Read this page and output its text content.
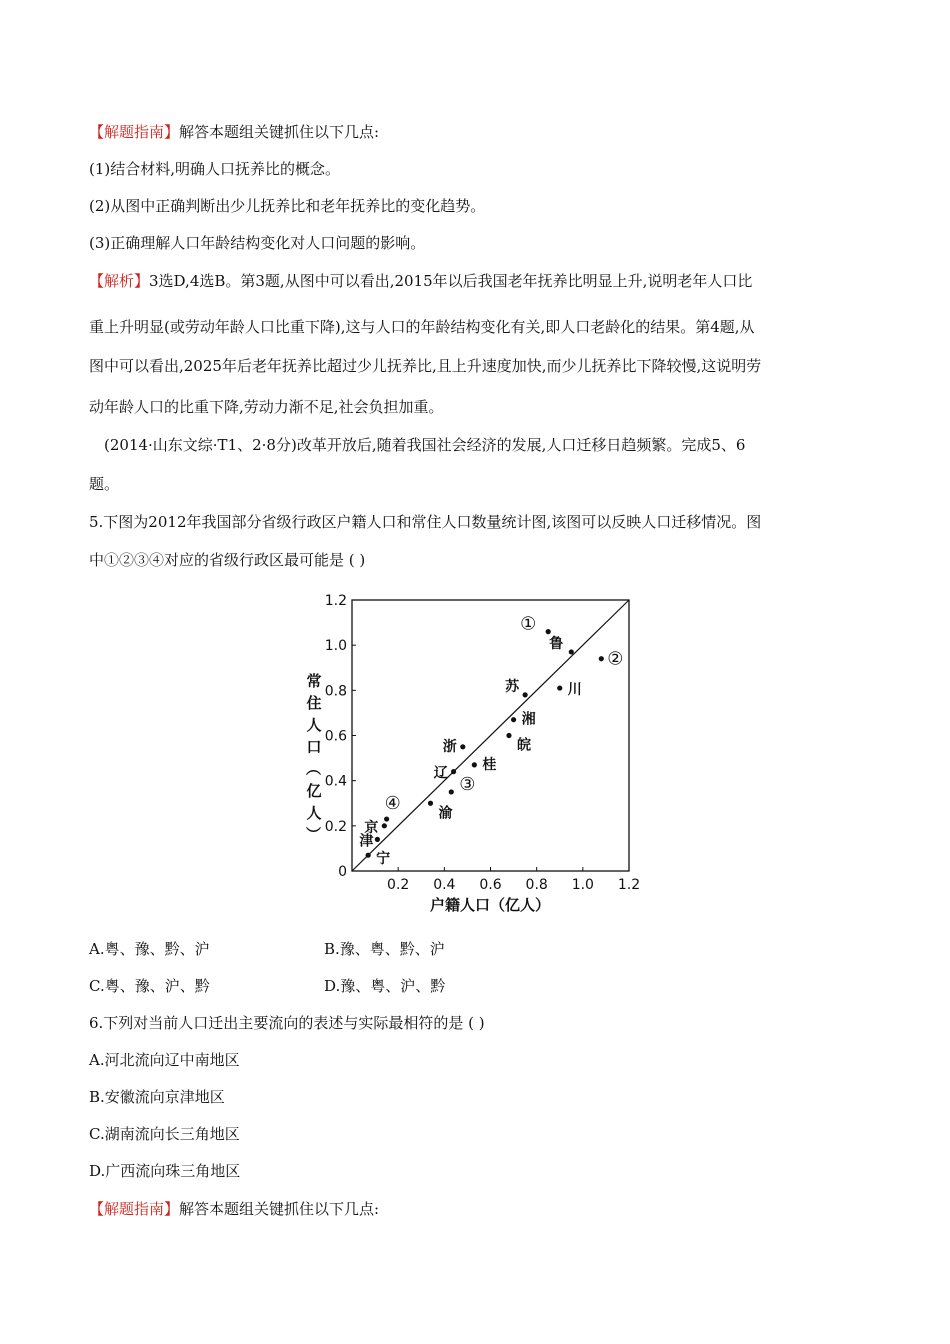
【解题指南】解答本题组关键抓住以下几点:
(1)结合材料,明确人口抚养比的概念。
(2)从图中正确判断出少儿抚养比和老年抚养比的变化趋势。
(3)正确理解人口年龄结构变化对人口问题的影响。
【解析】3选D,4选B。第3题,从图中可以看出,2015年以后我国老年抚养比明显上升,说明老年人口比
重上升明显(或劳动年龄人口比重下降),这与人口的年龄结构变化有关,即人口老龄化的结果。第4题,从
图中可以看出,2025年后老年抚养比超过少儿抚养比,且上升速度加快,而少儿抚养比下降较慢,这说明劳
动年龄人口的比重下降,劳动力渐不足,社会负担加重。
(2014·山东文综·T1、2·8分)改革开放后,随着我国社会经济的发展,人口迁移日趋频繁。完成5、6
题。
5.下图为2012年我国部分省级行政区户籍人口和常住人口数量统计图,该图可以反映人口迁移情况。图
中①②③④对应的省级行政区最可能是 ( )
0.2 0.4 0.6 0.8 1.0 1.2
0
0.2
0.4
0.6
0.8
1.0
1.2
①
鲁
②
川
苏
湘
皖
浙
桂
辽
③
渝
④
京
津
宁
户籍人口（亿人）
常
住
人
口
（
亿
人
）
A.粤、豫、黔、沪	B.豫、粤、黔、沪
C.粤、豫、沪、黔	D.豫、粤、沪、黔
6.下列对当前人口迁出主要流向的表述与实际最相符的是 ( )
A.河北流向辽中南地区
B.安徽流向京津地区
C.湖南流向长三角地区
D.广西流向珠三角地区
【解题指南】解答本题组关键抓住以下几点:
